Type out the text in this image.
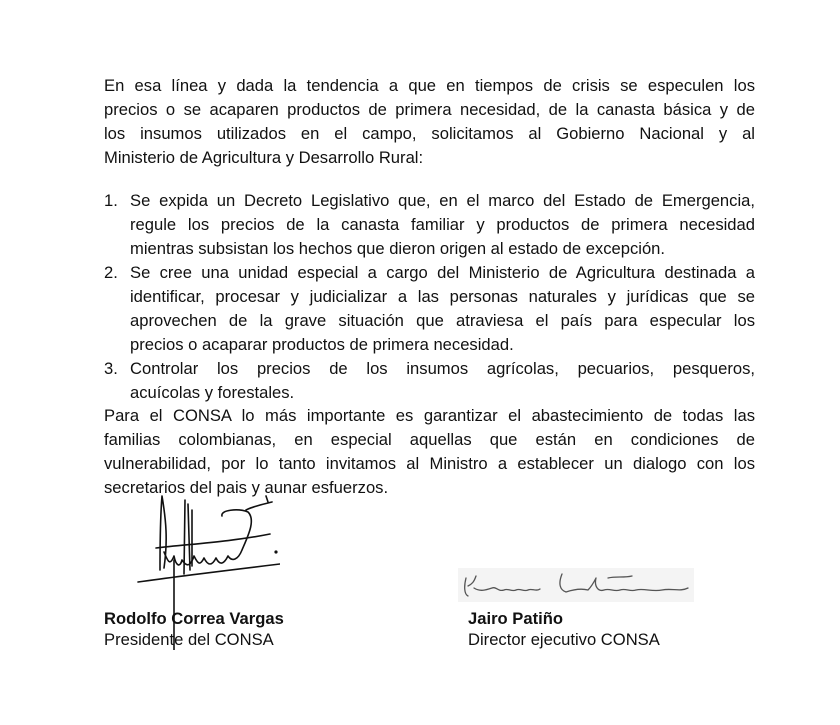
En esa línea y dada la tendencia a que en tiempos de crisis se especulen los
precios o se acaparen productos de primera necesidad, de la canasta básica y de
los insumos utilizados en el campo, solicitamos al Gobierno Nacional y al
Ministerio de Agricultura y Desarrollo Rural:
1. Se expida un Decreto Legislativo que, en el marco del Estado de Emergencia,
regule los precios de la canasta familiar y productos de primera necesidad
mientras subsistan los hechos que dieron origen al estado de excepción.
2. Se cree una unidad especial a cargo del Ministerio de Agricultura destinada a
identificar, procesar y judicializar a las personas naturales y jurídicas que se
aprovechen de la grave situación que atraviesa el país para especular los
precios o acaparar productos de primera necesidad.
3. Controlar los precios de los insumos agrícolas, pecuarios, pesqueros,
acuícolas y forestales.
Para el CONSA lo más importante es garantizar el abastecimiento de todas las
familias colombianas, en especial aquellas que están en condiciones de
vulnerabilidad, por lo tanto invitamos al Ministro a establecer un dialogo con los
secretarios del pais y aunar esfuerzos.
Rodolfo Correa Vargas
Presidente del CONSA
Jairo Patiño
Director ejecutivo CONSA
